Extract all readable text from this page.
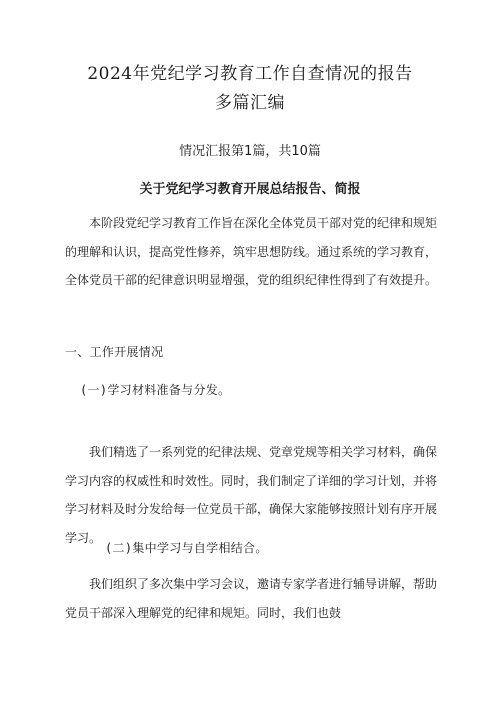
2024年党纪学习教育工作自查情况的报告
多篇汇编
情况汇报第1篇，共10篇
关于党纪学习教育开展总结报告、简报

本阶段党纪学习教育工作旨在深化全体党员干部对党的纪律和规矩的理解和认识，提高党性修养，筑牢思想防线。通过系统的学习教育，全体党员干部的纪律意识明显增强，党的组织纪律性得到了有效提升。

一、工作开展情况
(一)学习材料准备与分发。

我们精选了一系列党的纪律法规、党章党规等相关学习材料，确保学习内容的权威性和时效性。同时，我们制定了详细的学习计划，并将学习材料及时分发给每一位党员干部，确保大家能够按照计划有序开展学习。

(二)集中学习与自学相结合。

我们组织了多次集中学习会议，邀请专家学者进行辅导讲解，帮助党员干部深入理解党的纪律和规矩。同时，我们也鼓
